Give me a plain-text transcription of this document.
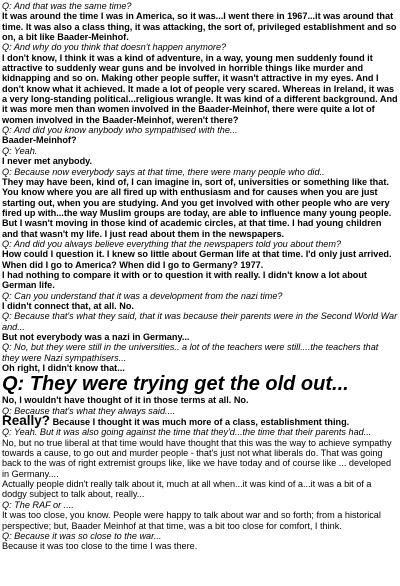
Q: And that was the same time?
It was around the time I was in America, so it was...I went there in 1967...it was around that time. It was also a class thing, it was attacking, the sort of, privileged establishment and so on, a bit like Baader-Meinhof.
Q: And why do you think that doesn't happen anymore?
I don't know, I think it was a kind of adventure, in a way, young men suddenly found it attractive to suddenly wear guns and be involved in horrible things like murder and kidnapping and so on. Making other people suffer, it wasn't attractive in my eyes. And I don't know what it achieved. It made a lot of people very scared. Whereas in Ireland, it was a very long-standing political...religious wrangle. It was kind of a different background. And it was more men than women involved in the Baader-Meinhof, there were quite a lot of women involved in the Baader-Meinhof, weren't there?
Q: And did you know anybody who sympathised with the...
Baader-Meinhof?
Q: Yeah.
I never met anybody.
Q: Because now everybody says at that time, there were many people who did..
They may have been, kind of, I can imagine in, sort of, universities or something like that. You know where you are all fired up with enthusiasm and for causes when you are just starting out, when you are studying. And you get involved with other people who are very fired up with...the way Muslim groups are today, are able to influence many young people. But I wasn't moving in those kind of academic circles, at that time. I had young children and that wasn't my life. I just read about them in the newspapers.
Q: And did you always believe everything that the newspapers told you about them?
How could I question it. I knew so little about German life at that time. I'd only just arrived. When did I go to America? When did I go to Germany? 1977.
I had nothing to compare it with or to question it with really. I didn't know a lot about German life.
Q: Can you understand that it was a development from the nazi time?
I didn't connect that, at all. No.
Q: Because that's what they said, that it was because their parents were in the Second World War and...
But not everybody was a nazi in Germany...
Q: No, but they were still in the universities.. a lot of the teachers were still....the teachers that they were Nazi sympathisers...
Oh right, I didn't know that...
Q: They were trying get the old out...
No, I wouldn't have thought of it in those terms at all. No.
Q: Because that's what they always said....
Really? Because I thought it was much more of a class, establishment thing.
Q: Yeah. But it was also going against the time that they'd...the time that their parents had...
No, but no true liberal at that time would have thought that this was the way to achieve sympathy towards a cause, to go out and murder people - that's just not what liberals do. That was going back to the was of right extremist groups like, like we have today and of course like ... developed in Germany....
Actually people didn't really talk about it, much at all when...it was kind of a...it was a bit of a dodgy subject to talk about, really...
Q: The RAF or ....
It was too close, you know. People were happy to talk about war and so forth; from a historical perspective; but, Baader Meinhof at that time, was a bit too close for comfort, I think.
Q: Because it was so close to the war...
Because it was too close to the time I was there.
